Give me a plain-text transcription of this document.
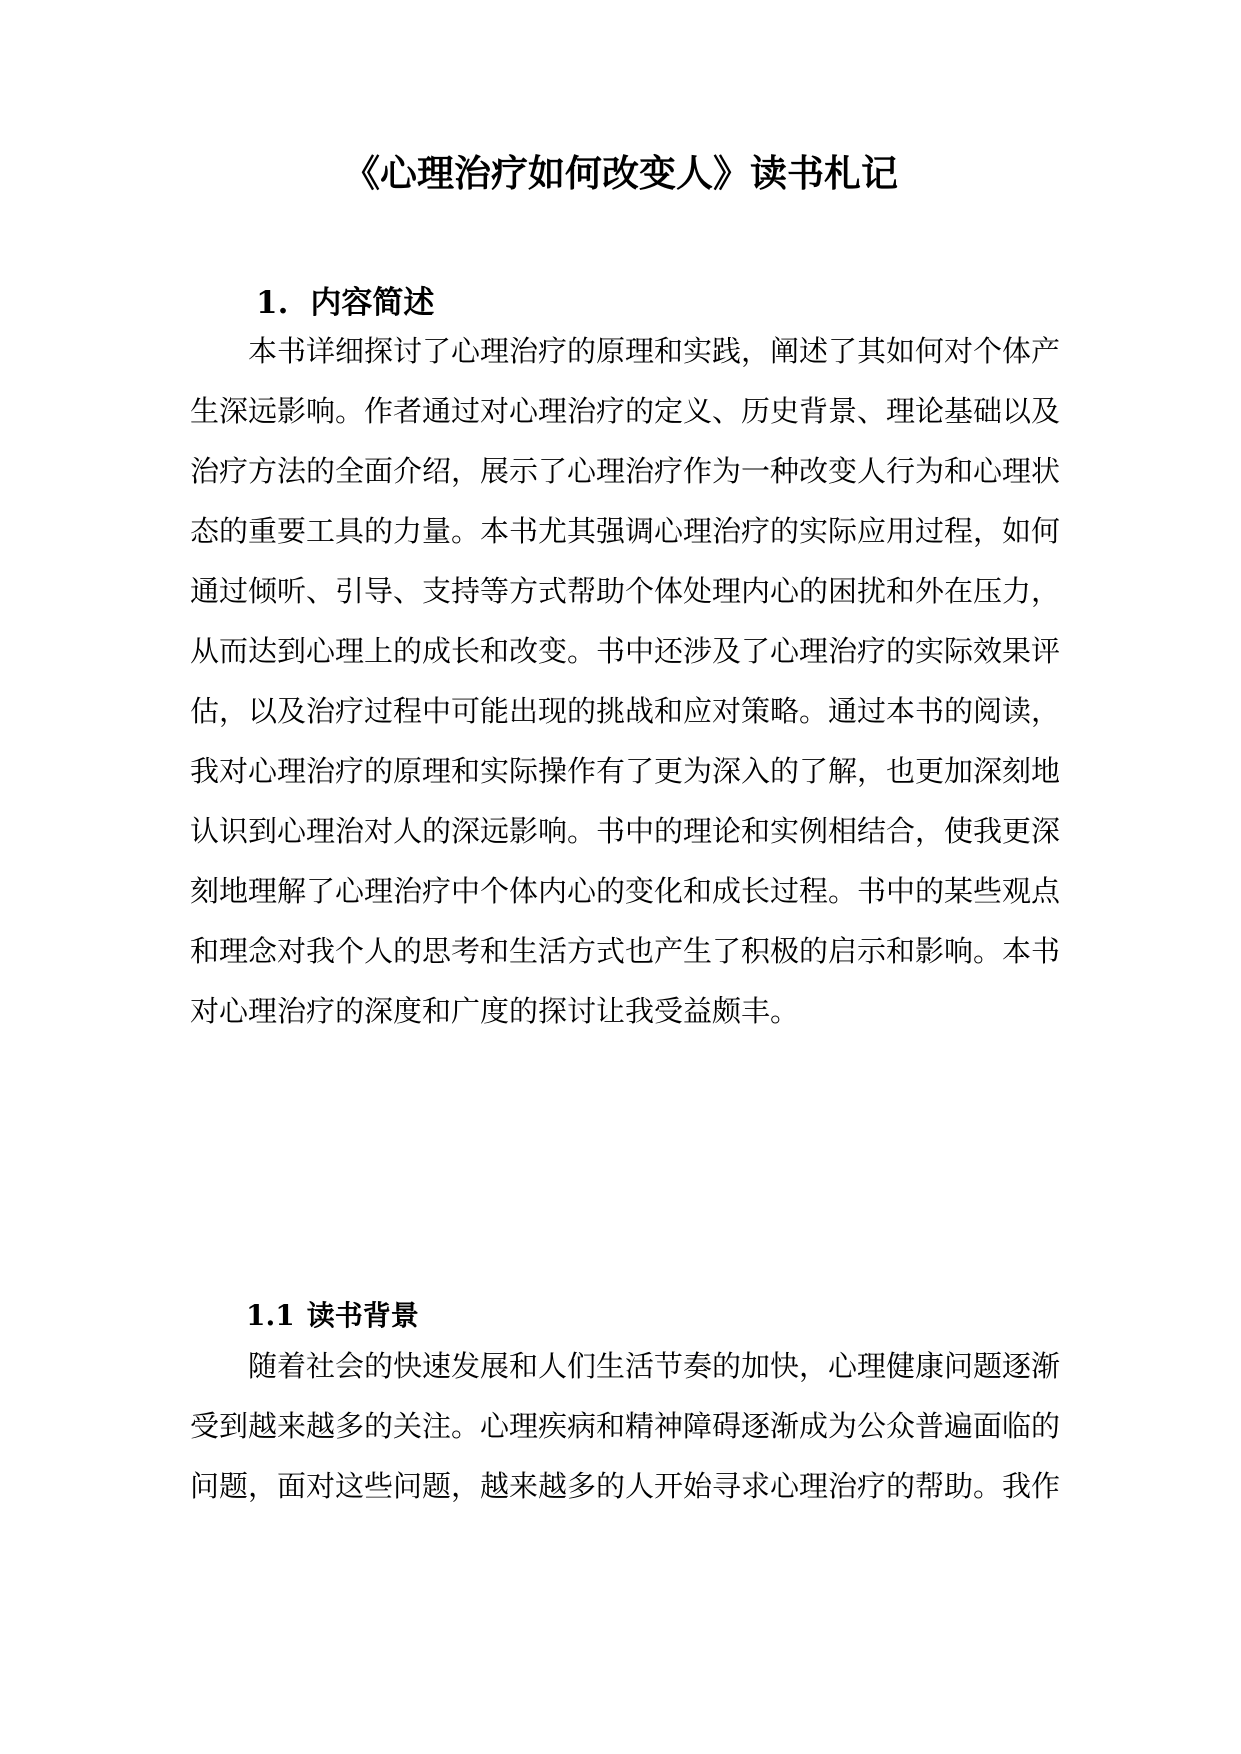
《心理治疗如何改变人》读书札记
1. 内容简述
本书详细探讨了心理治疗的原理和实践，阐述了其如何对个体产
生深远影响。作者通过对心理治疗的定义、历史背景、理论基础以及
治疗方法的全面介绍，展示了心理治疗作为一种改变人行为和心理状
态的重要工具的力量。本书尤其强调心理治疗的实际应用过程，如何
通过倾听、引导、支持等方式帮助个体处理内心的困扰和外在压力，
从而达到心理上的成长和改变。书中还涉及了心理治疗的实际效果评
估，以及治疗过程中可能出现的挑战和应对策略。通过本书的阅读，
我对心理治疗的原理和实际操作有了更为深入的了解，也更加深刻地
认识到心理治对人的深远影响。书中的理论和实例相结合，使我更深
刻地理解了心理治疗中个体内心的变化和成长过程。书中的某些观点
和理念对我个人的思考和生活方式也产生了积极的启示和影响。本书
对心理治疗的深度和广度的探讨让我受益颇丰。
1.1 读书背景
随着社会的快速发展和人们生活节奏的加快，心理健康问题逐渐
受到越来越多的关注。心理疾病和精神障碍逐渐成为公众普遍面临的
问题，面对这些问题，越来越多的人开始寻求心理治疗的帮助。我作
